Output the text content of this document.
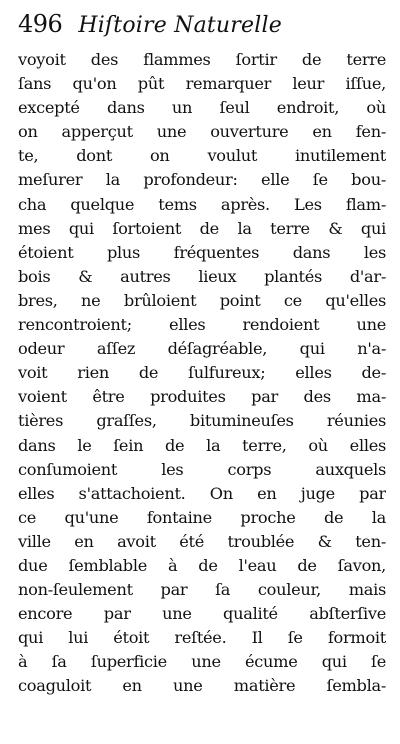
496 Hiſtoire Naturelle
voyoit des flammes ſortir de terre
ſans qu'on pût remarquer leur iſſue,
excepté dans un ſeul endroit, où
on apperçut une ouverture en fen-
te, dont on voulut inutilement
meſurer la profondeur: elle ſe bou-
cha quelque tems après. Les flam-
mes qui ſortoient de la terre & qui
étoient plus fréquentes dans les
bois & autres lieux plantés d'ar-
bres, ne brûloient point ce qu'elles
rencontroient; elles rendoient une
odeur aſſez déſagréable, qui n'a-
voit rien de ſulfureux; elles de-
voient être produites par des ma-
tières graſſes, bitumineuſes réunies
dans le ſein de la terre, où elles
conſumoient les corps auxquels
elles s'attachoient. On en juge par
ce qu'une fontaine proche de la
ville en avoit été troublée & ten-
due ſemblable à de l'eau de ſavon,
non-ſeulement par ſa couleur, mais
encore par une qualité abſterſive
qui lui étoit reſtée. Il ſe formoit
à ſa ſuperficie une écume qui ſe
coaguloit en une matière ſembla-
